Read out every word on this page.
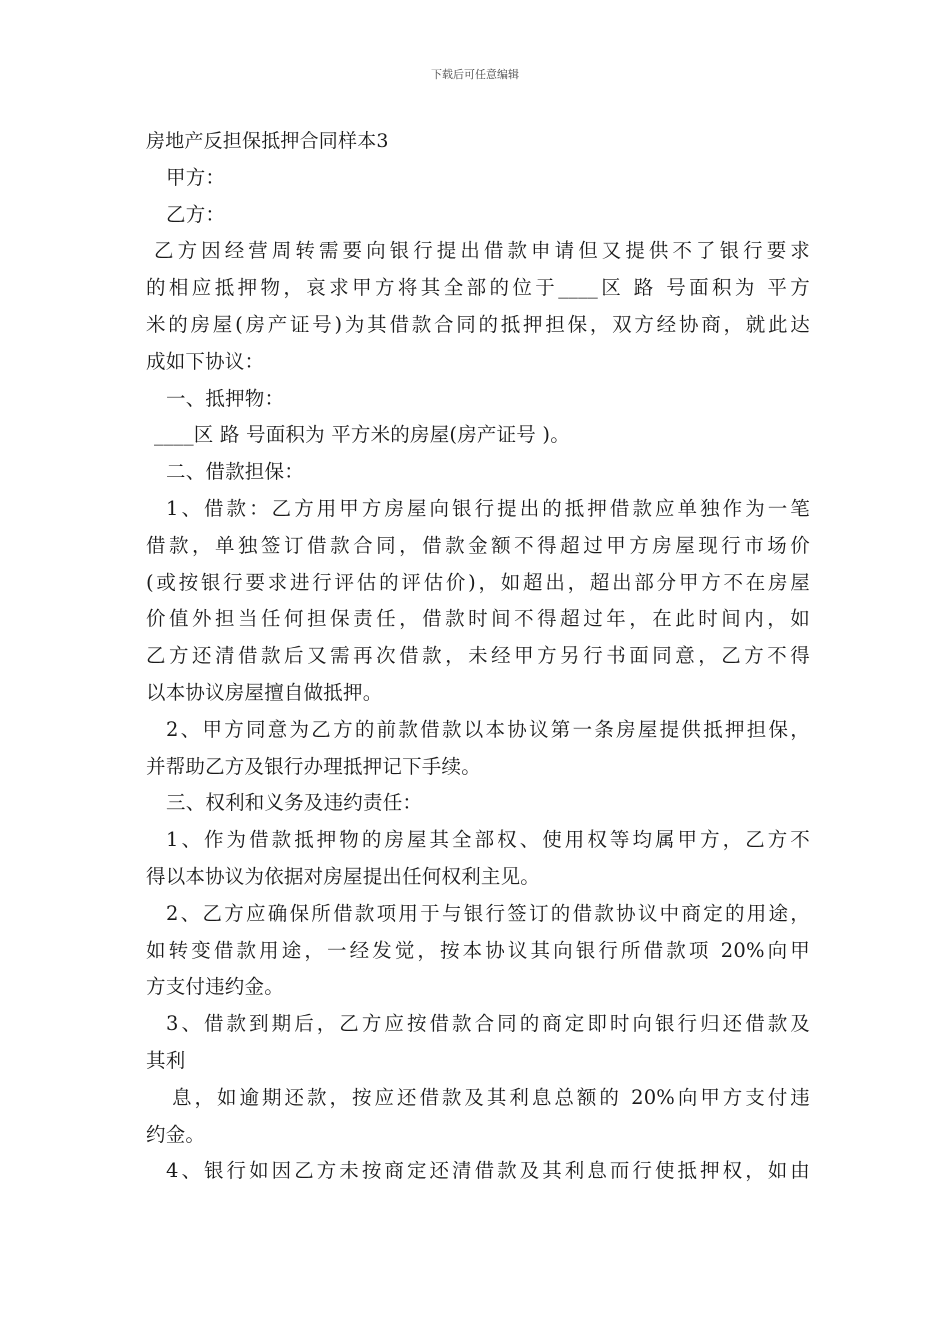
下载后可任意编辑
房地产反担保抵押合同样本3
甲方：
乙方：
乙方因经营周转需要向银行提出借款申请但又提供不了银行要求
的相应抵押物，哀求甲方将其全部的位于____区 路 号面积为 平方
米的房屋(房产证号)为其借款合同的抵押担保，双方经协商，就此达
成如下协议：
一、抵押物：
____区 路 号面积为 平方米的房屋(房产证号 )。
二、借款担保：
1、借款：乙方用甲方房屋向银行提出的抵押借款应单独作为一笔
借款，单独签订借款合同，借款金额不得超过甲方房屋现行市场价
(或按银行要求进行评估的评估价)，如超出，超出部分甲方不在房屋
价值外担当任何担保责任，借款时间不得超过年，在此时间内，如
乙方还清借款后又需再次借款，未经甲方另行书面同意，乙方不得
以本协议房屋擅自做抵押。
2、甲方同意为乙方的前款借款以本协议第一条房屋提供抵押担保，
并帮助乙方及银行办理抵押记下手续。
三、权利和义务及违约责任：
1、作为借款抵押物的房屋其全部权、使用权等均属甲方，乙方不
得以本协议为依据对房屋提出任何权利主见。
2、乙方应确保所借款项用于与银行签订的借款协议中商定的用途，
如转变借款用途，一经发觉，按本协议其向银行所借款项 20%向甲
方支付违约金。
3、借款到期后，乙方应按借款合同的商定即时向银行归还借款及
其利
息，如逾期还款，按应还借款及其利息总额的 20%向甲方支付违
约金。
4、银行如因乙方未按商定还清借款及其利息而行使抵押权，如由
